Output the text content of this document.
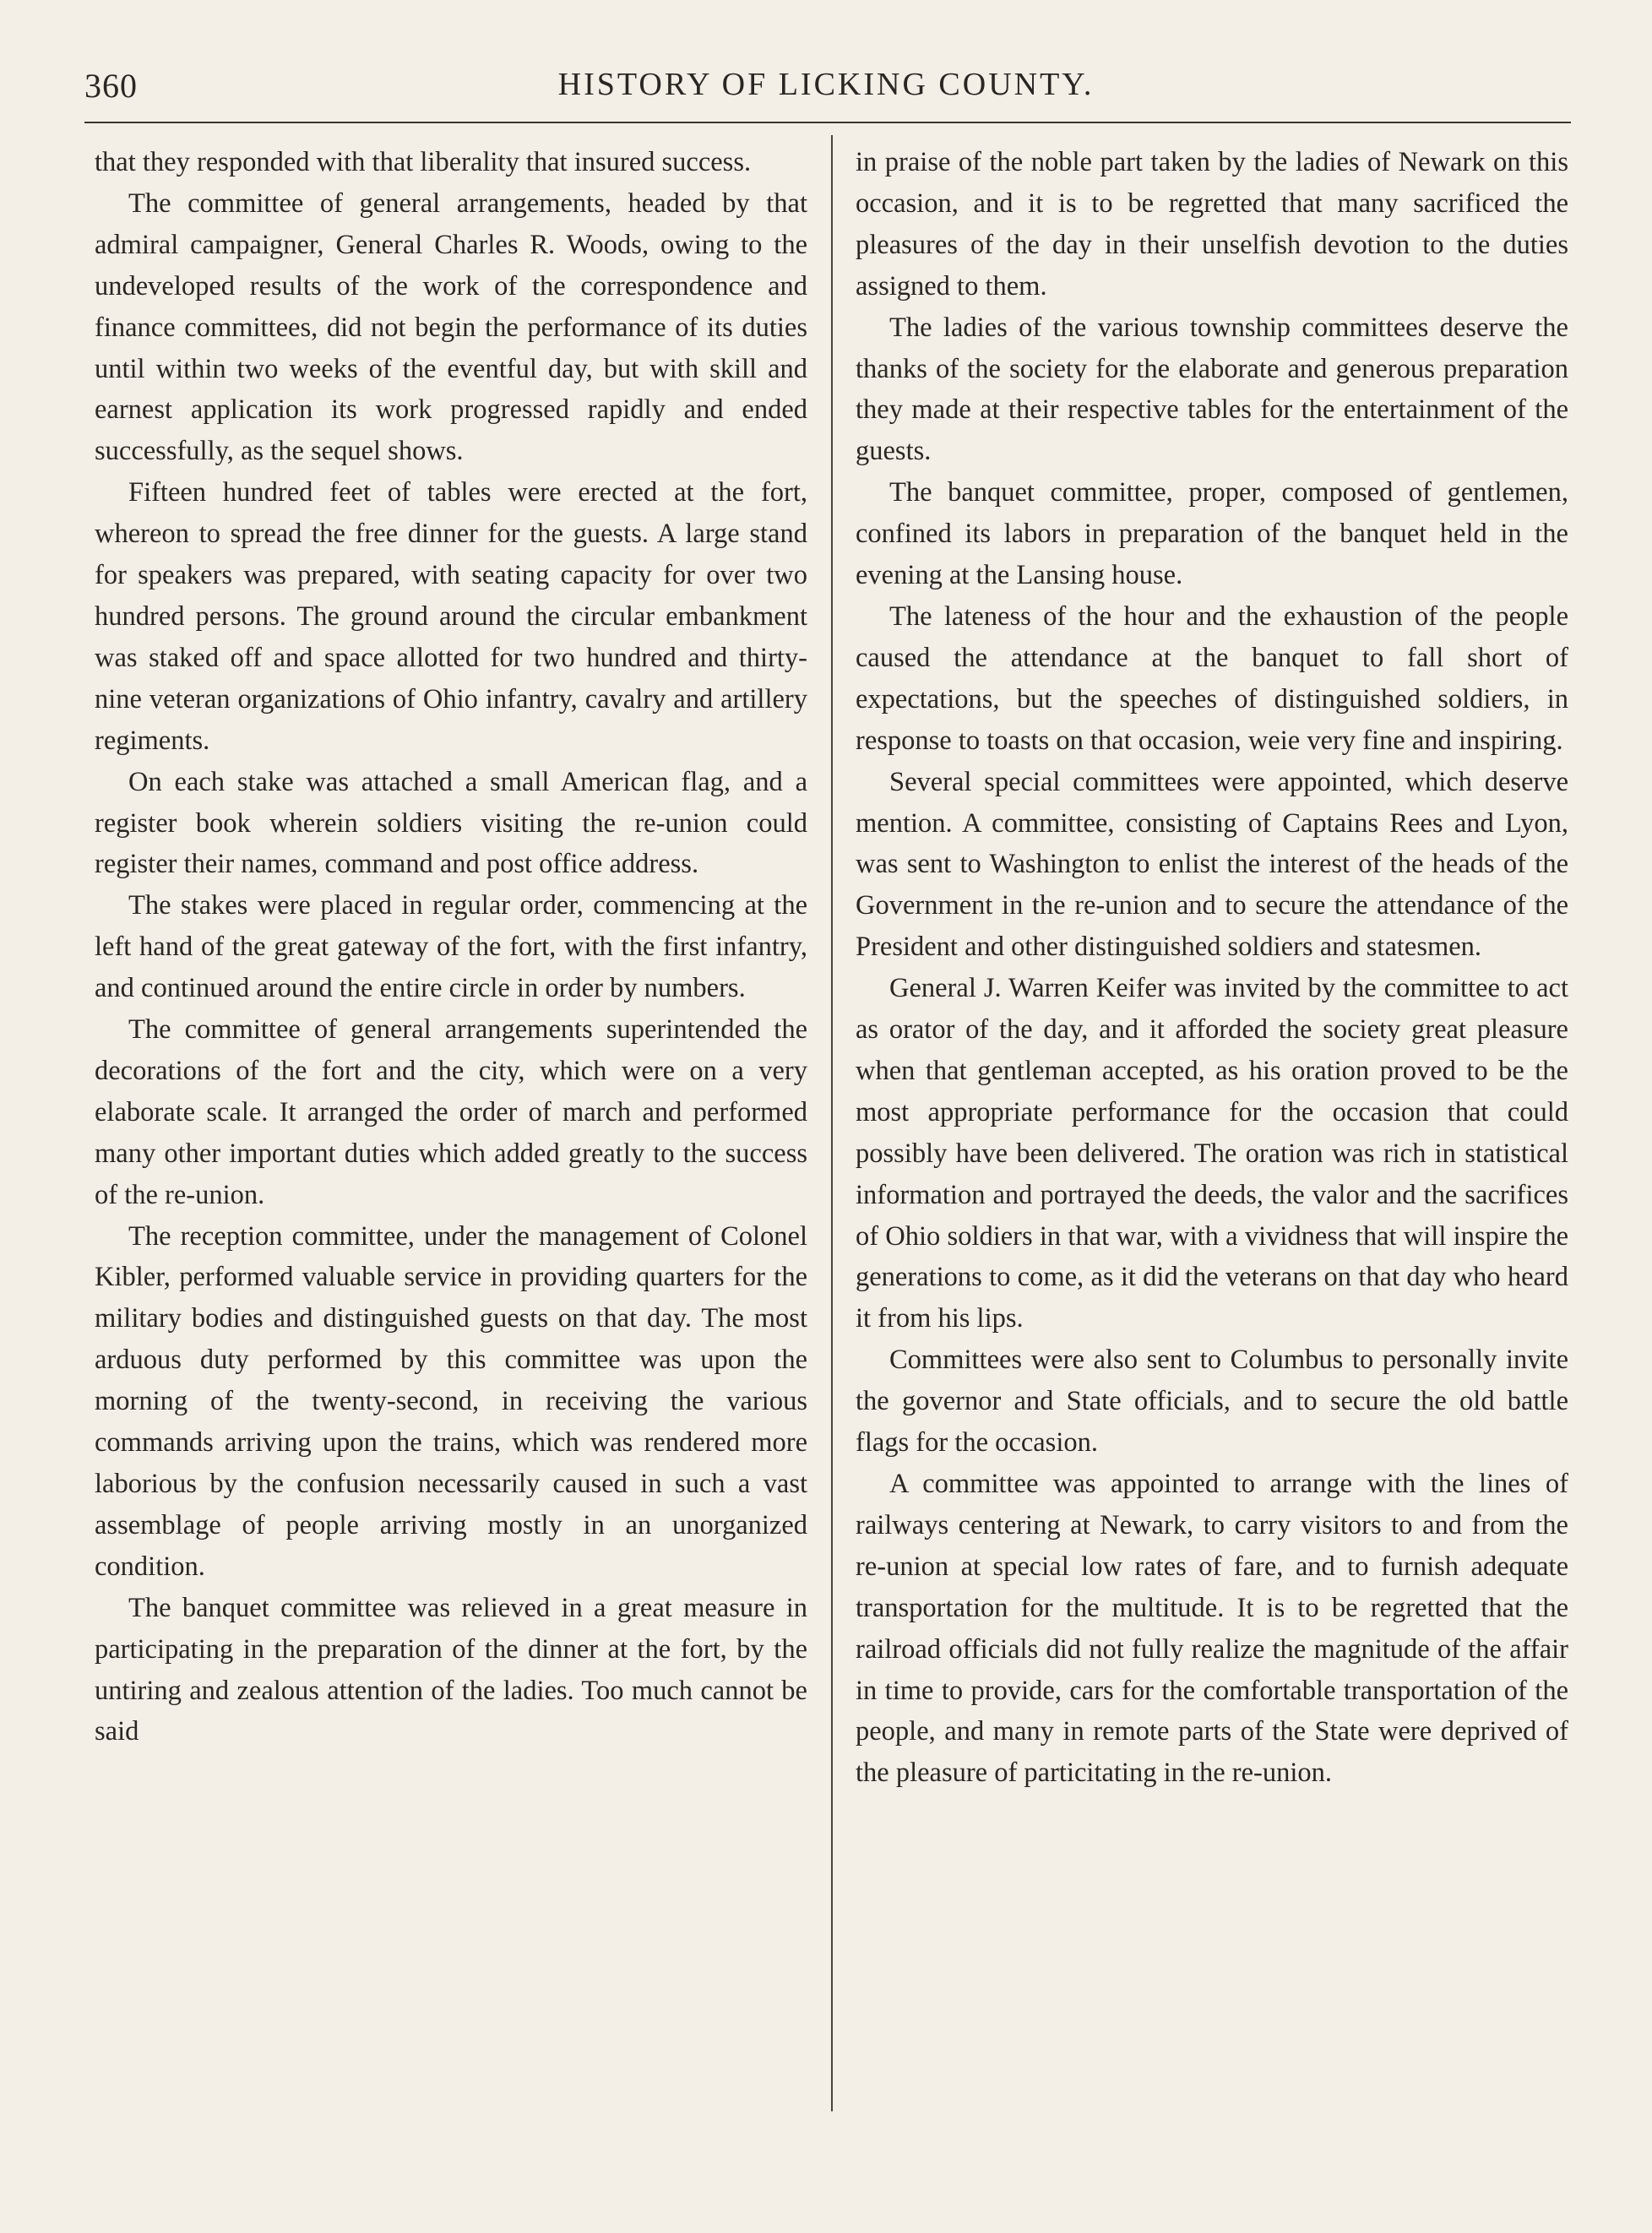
360	HISTORY OF LICKING COUNTY.

that they responded with that liberality that insured success.

The committee of general arrangements, headed by that admiral campaigner, General Charles R. Woods, owing to the undeveloped results of the work of the correspondence and finance committees, did not begin the performance of its duties until within two weeks of the eventful day, but with skill and earnest application its work progressed rapidly and ended successfully, as the sequel shows.

Fifteen hundred feet of tables were erected at the fort, whereon to spread the free dinner for the guests. A large stand for speakers was prepared, with seating capacity for over two hundred persons. The ground around the circular embankment was staked off and space allotted for two hundred and thirty-nine veteran organizations of Ohio infantry, cavalry and artillery regiments.

On each stake was attached a small American flag, and a register book wherein soldiers visiting the re-union could register their names, command and post office address.

The stakes were placed in regular order, commencing at the left hand of the great gateway of the fort, with the first infantry, and continued around the entire circle in order by numbers.

The committee of general arrangements superintended the decorations of the fort and the city, which were on a very elaborate scale. It arranged the order of march and performed many other important duties which added greatly to the success of the re-union.

The reception committee, under the management of Colonel Kibler, performed valuable service in providing quarters for the military bodies and distinguished guests on that day. The most arduous duty performed by this committee was upon the morning of the twenty-second, in receiving the various commands arriving upon the trains, which was rendered more laborious by the confusion necessarily caused in such a vast assemblage of people arriving mostly in an unorganized condition.

The banquet committee was relieved in a great measure in participating in the preparation of the dinner at the fort, by the untiring and zealous attention of the ladies. Too much cannot be said

in praise of the noble part taken by the ladies of Newark on this occasion, and it is to be regretted that many sacrificed the pleasures of the day in their unselfish devotion to the duties assigned to them.

The ladies of the various township committees deserve the thanks of the society for the elaborate and generous preparation they made at their respective tables for the entertainment of the guests.

The banquet committee, proper, composed of gentlemen, confined its labors in preparation of the banquet held in the evening at the Lansing house.

The lateness of the hour and the exhaustion of the people caused the attendance at the banquet to fall short of expectations, but the speeches of distinguished soldiers, in response to toasts on that occasion, weie very fine and inspiring.

Several special committees were appointed, which deserve mention. A committee, consisting of Captains Rees and Lyon, was sent to Washington to enlist the interest of the heads of the Government in the re-union and to secure the attendance of the President and other distinguished soldiers and statesmen.

General J. Warren Keifer was invited by the committee to act as orator of the day, and it afforded the society great pleasure when that gentleman accepted, as his oration proved to be the most appropriate performance for the occasion that could possibly have been delivered. The oration was rich in statistical information and portrayed the deeds, the valor and the sacrifices of Ohio soldiers in that war, with a vividness that will inspire the generations to come, as it did the veterans on that day who heard it from his lips.

Committees were also sent to Columbus to personally invite the governor and State officials, and to secure the old battle flags for the occasion.

A committee was appointed to arrange with the lines of railways centering at Newark, to carry visitors to and from the re-union at special low rates of fare, and to furnish adequate transportation for the multitude. It is to be regretted that the railroad officials did not fully realize the magnitude of the affair in time to provide, cars for the comfortable transportation of the people, and many in remote parts of the State were deprived of the pleasure of particitating in the re-union.
